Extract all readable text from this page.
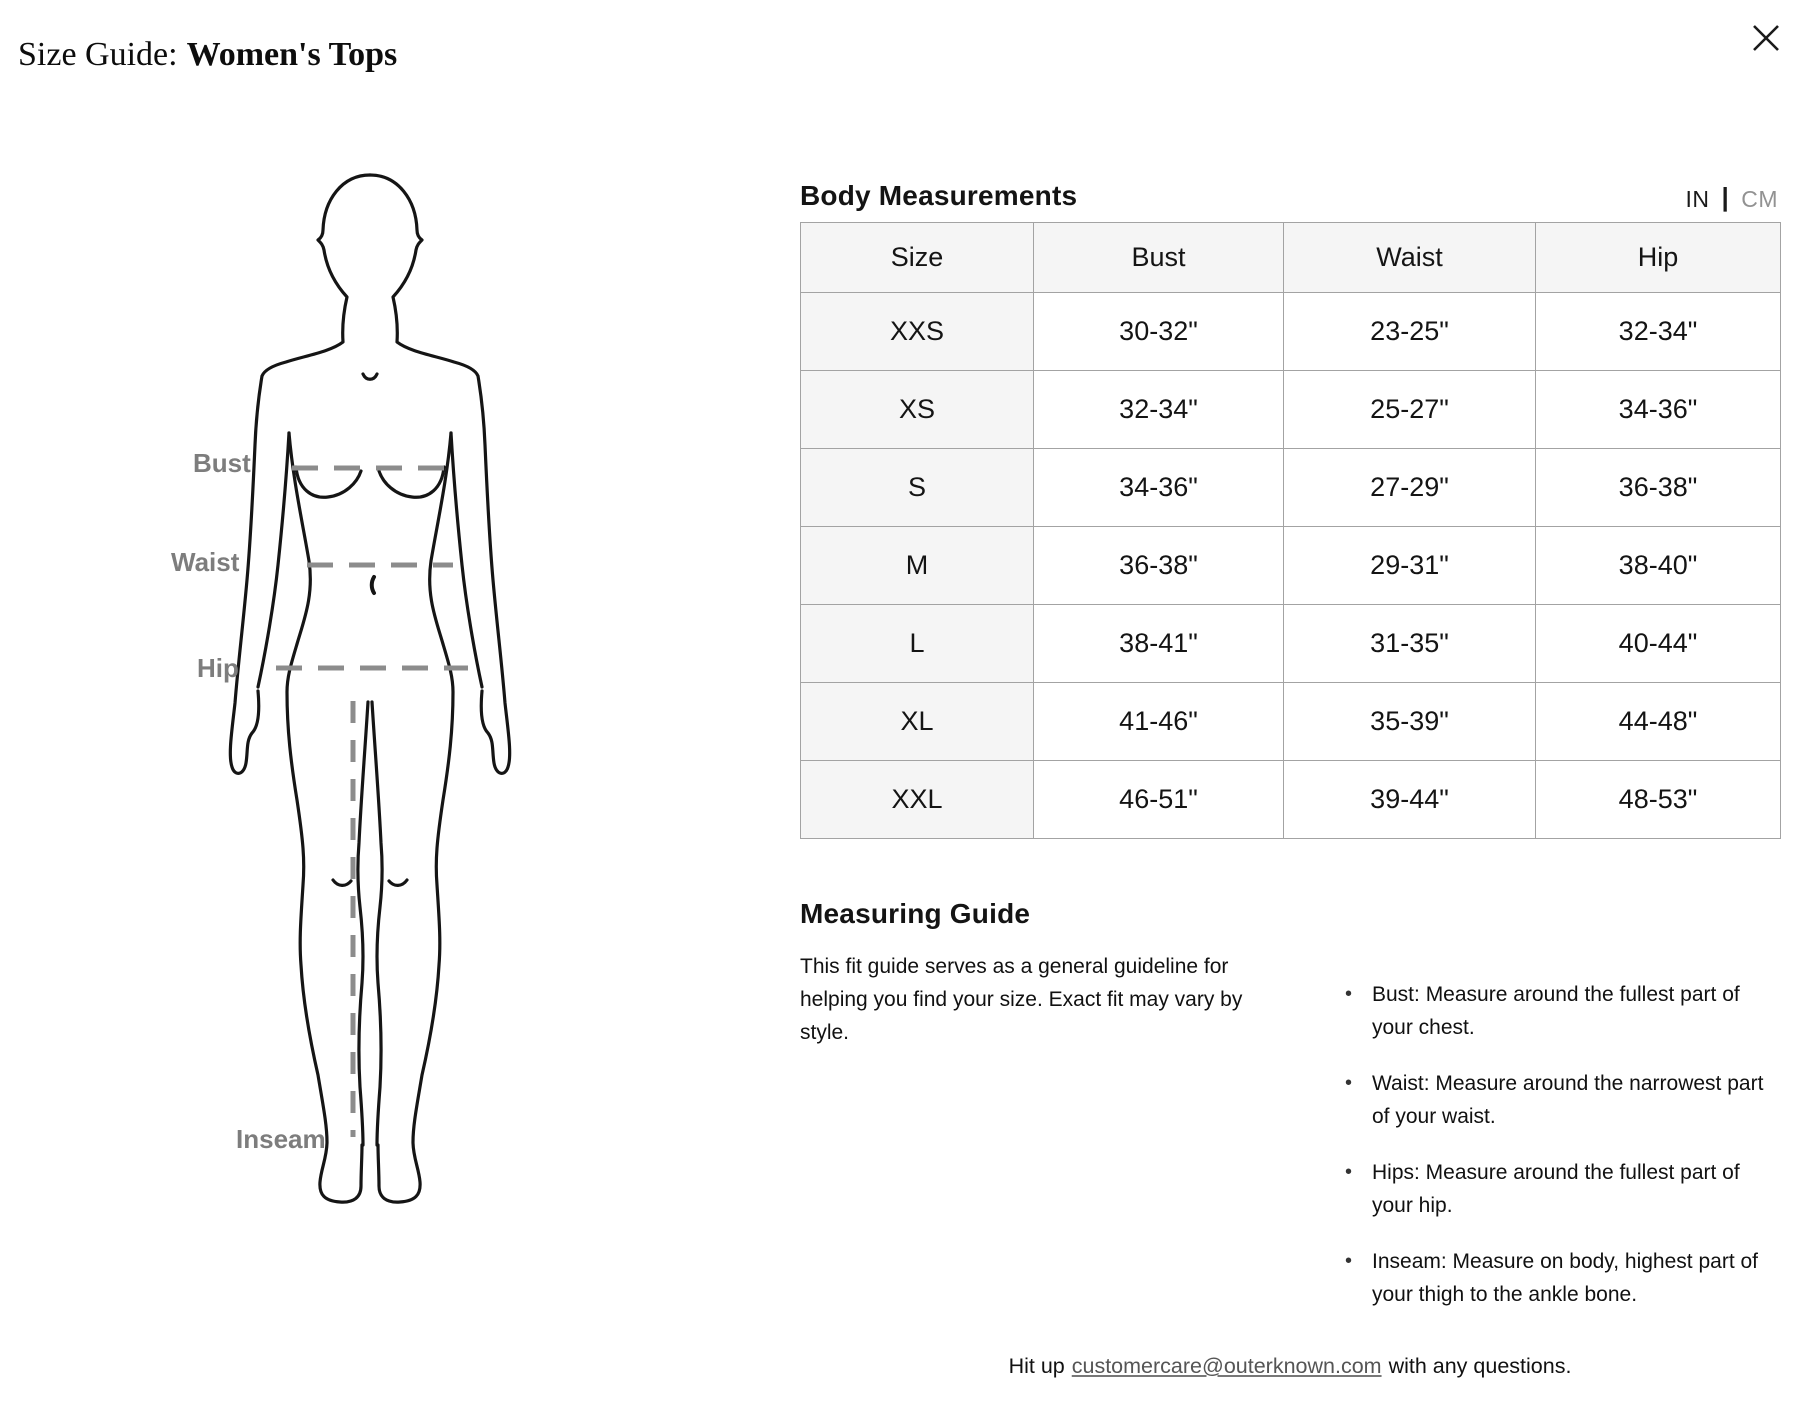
Size Guide: Women's Tops
Bust
Waist
Hip
Inseam
Body Measurements	IN | CM
Size	Bust	Waist	Hip
XXS	30-32"	23-25"	32-34"
XS	32-34"	25-27"	34-36"
S	34-36"	27-29"	36-38"
M	36-38"	29-31"	38-40"
L	38-41"	31-35"	40-44"
XL	41-46"	35-39"	44-48"
XXL	46-51"	39-44"	48-53"
Measuring Guide

This fit guide serves as a general guideline for helping you find your size. Exact fit may vary by style.

• Bust: Measure around the fullest part of your chest.
• Waist: Measure around the narrowest part of your waist.
• Hips: Measure around the fullest part of your hip.
• Inseam: Measure on body, highest part of your thigh to the ankle bone.
Hit up customercare@outerknown.com with any questions.
